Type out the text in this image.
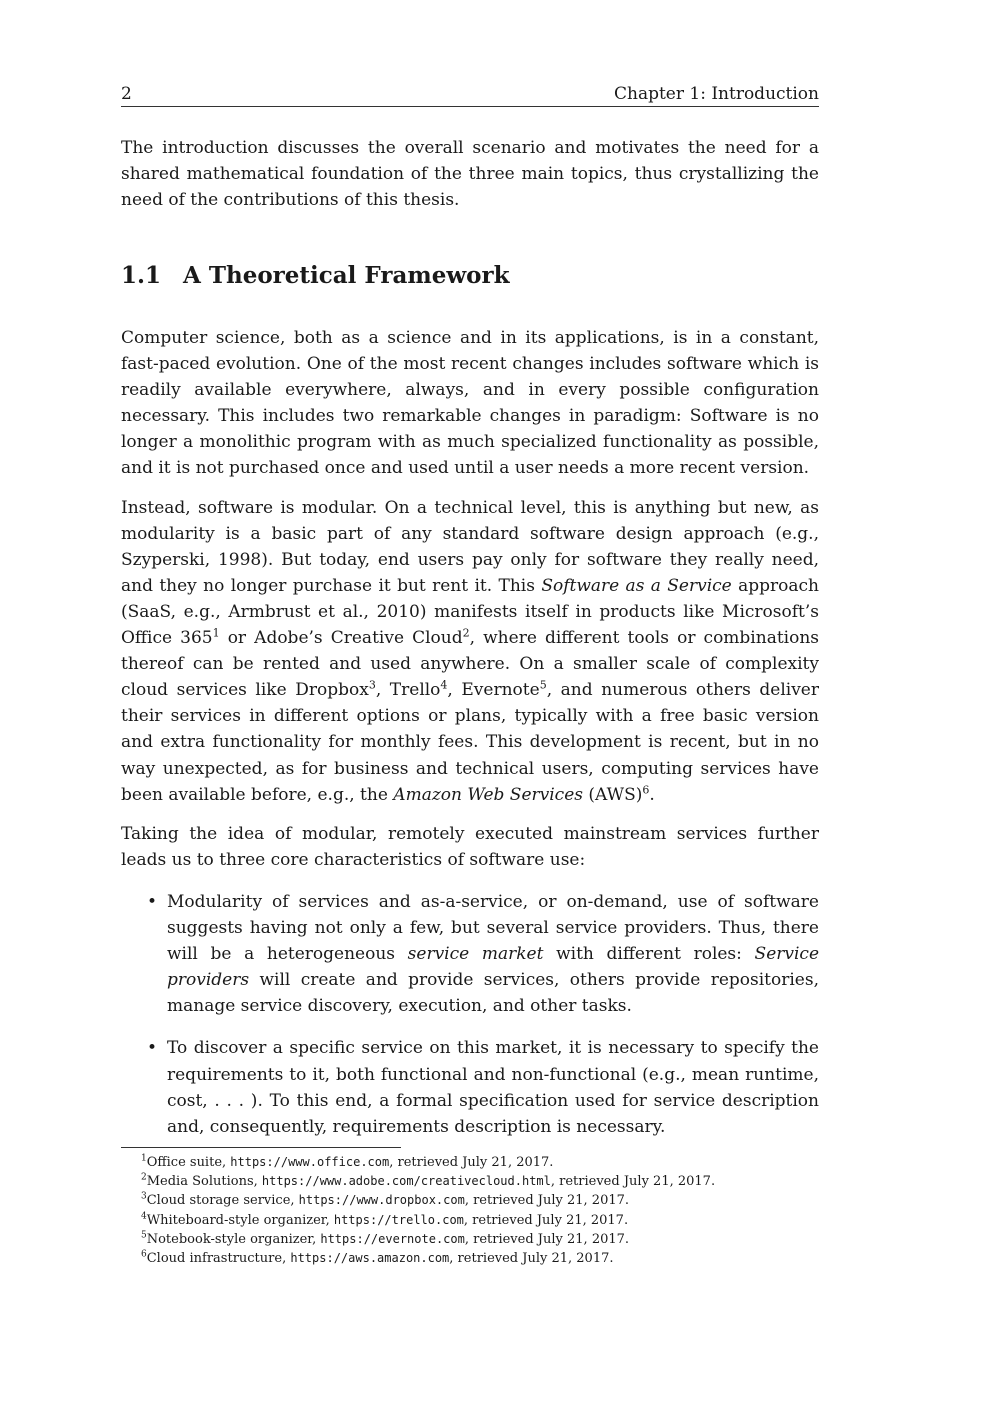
2	Chapter 1: Introduction

The introduction discusses the overall scenario and motivates the need for a shared mathematical foundation of the three main topics, thus crystallizing the need of the contributions of this thesis.

1.1 A Theoretical Framework

Computer science, both as a science and in its applications, is in a constant, fast-paced evolution. One of the most recent changes includes software which is readily available everywhere, always, and in every possible configuration necessary. This includes two remarkable changes in paradigm: Software is no longer a monolithic program with as much specialized functionality as possible, and it is not purchased once and used until a user needs a more recent version.

Instead, software is modular. On a technical level, this is anything but new, as modularity is a basic part of any standard software design approach (e.g., Szyperski, 1998). But today, end users pay only for software they really need, and they no longer purchase it but rent it. This Software as a Service approach (SaaS, e.g., Armbrust et al., 2010) manifests itself in products like Microsoft’s Office $365^1$ or Adobe’s Creative Cloud$^2$, where different tools or combinations thereof can be rented and used anywhere. On a smaller scale of complexity cloud services like Dropbox$^3$, Trello$^4$, Evernote$^5$, and numerous others deliver their services in different options or plans, typically with a free basic version and extra functionality for monthly fees. This development is recent, but in no way unexpected, as for business and technical users, computing services have been available before, e.g., the Amazon Web Services (AWS)$^6$.

Taking the idea of modular, remotely executed mainstream services further leads us to three core characteristics of software use:

• Modularity of services and as-a-service, or on-demand, use of software suggests having not only a few, but several service providers. Thus, there will be a heterogeneous service market with different roles: Service providers will create and provide services, others provide repositories, manage service discovery, execution, and other tasks.
• To discover a specific service on this market, it is necessary to specify the requirements to it, both functional and non-functional (e.g., mean runtime, cost, . . . ). To this end, a formal specification used for service description and, consequently, requirements description is necessary.
$^1$Office suite, https://www.office.com, retrieved July 21, 2017.
$^2$Media Solutions, https://www.adobe.com/creativecloud.html, retrieved July 21, 2017.
$^3$Cloud storage service, https://www.dropbox.com, retrieved July 21, 2017.
$^4$Whiteboard-style organizer, https://trello.com, retrieved July 21, 2017.
$^5$Notebook-style organizer, https://evernote.com, retrieved July 21, 2017.
$^6$Cloud infrastructure, https://aws.amazon.com, retrieved July 21, 2017.
